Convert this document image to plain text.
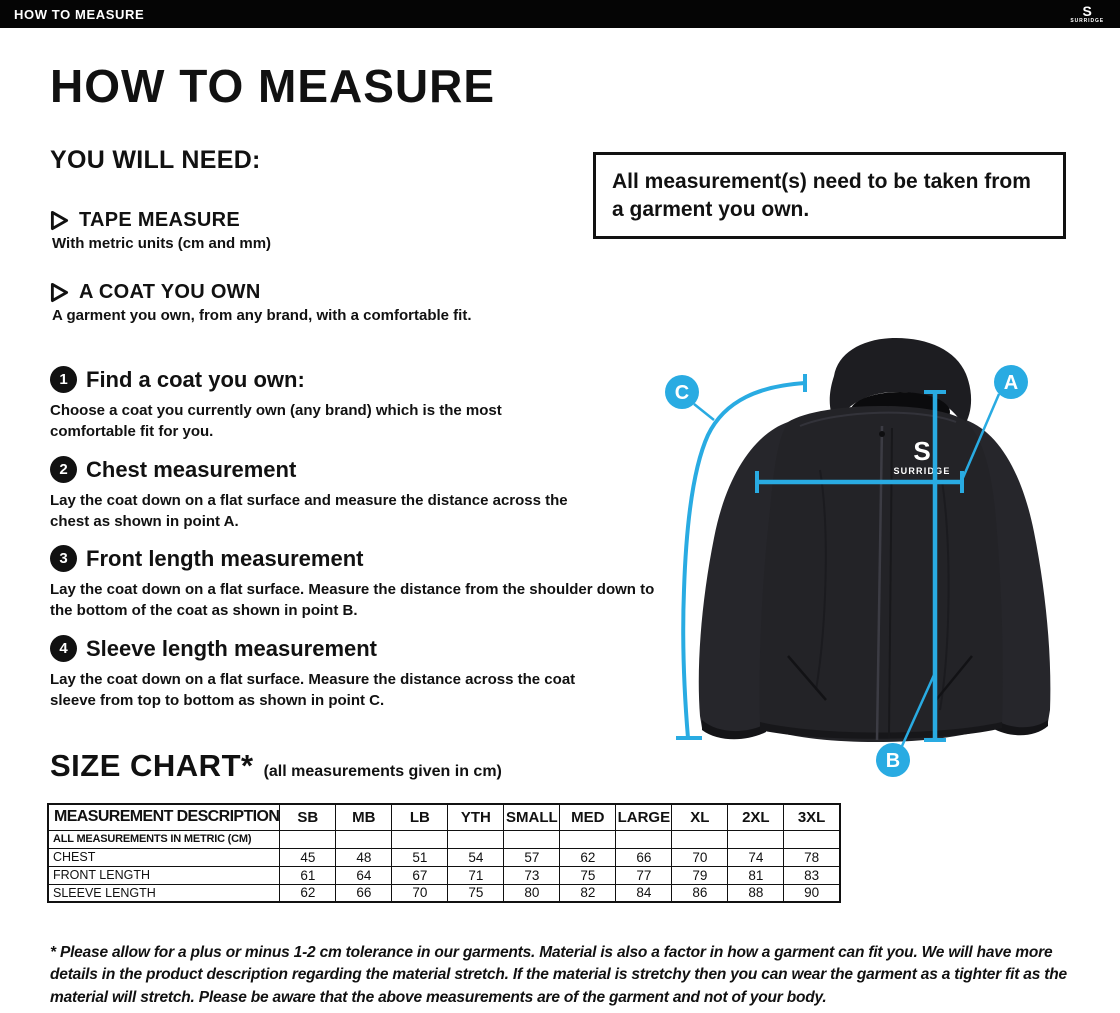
HOW TO MEASURE	S
SURRIDGE
HOW TO MEASURE
YOU WILL NEED:
All measurement(s) need to be taken from a garment you own.
TAPE MEASURE
With metric units (cm and mm)
A COAT YOU OWN
A garment you own, from any brand, with a comfortable fit.
1 Find a coat you own:
Choose a coat you currently own (any brand) which is the most comfortable fit for you.
2 Chest measurement
Lay the coat down on a flat surface and measure the distance across the chest as shown in point A.
3 Front length measurement
Lay the coat down on a flat surface. Measure the distance from the shoulder down to the bottom of the coat as shown in point B.
4 Sleeve length measurement
Lay the coat down on a flat surface. Measure the distance across the coat sleeve from top to bottom as shown in point C.
S
SURRIDGE
A
C
B
SIZE CHART* (all measurements given in cm)
MEASUREMENT DESCRIPTION	SB	MB	LB	YTH	SMALL	MED	LARGE	XL	2XL	3XL
ALL MEASUREMENTS IN METRIC (CM)										
CHEST	45	48	51	54	57	62	66	70	74	78
FRONT LENGTH	61	64	67	71	73	75	77	79	81	83
SLEEVE LENGTH	62	66	70	75	80	82	84	86	88	90
* Please allow for a plus or minus 1-2 cm tolerance in our garments. Material is also a factor in how a garment can fit you. We will have more details in the product description regarding the material stretch. If the material is stretchy then you can wear the garment as a tighter fit as the material will stretch. Please be aware that the above measurements are of the garment and not of your body.
